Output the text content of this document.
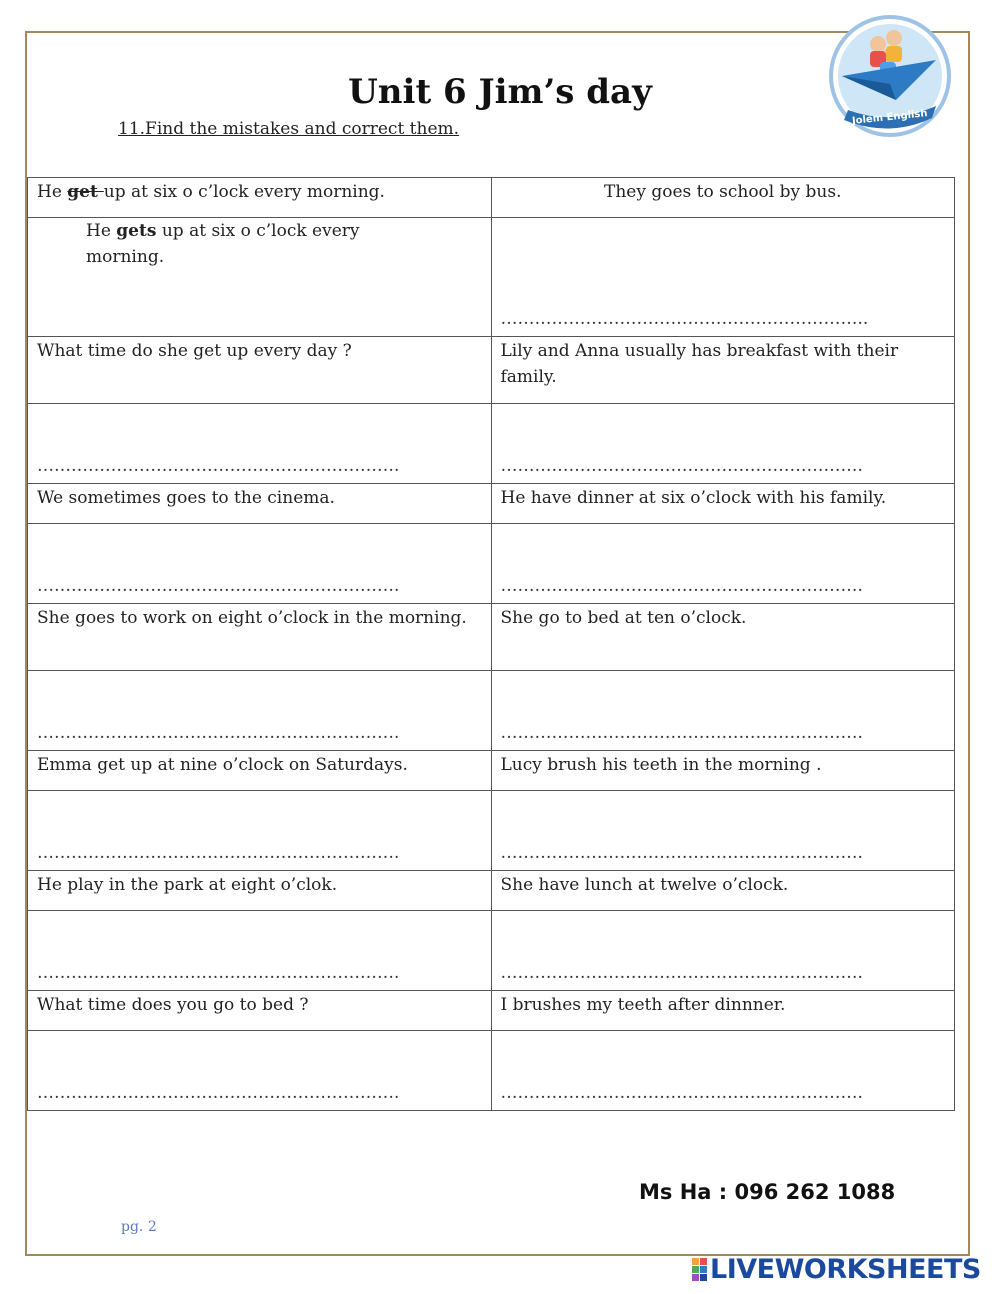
Unit 6 Jim’s day
11.Find the mistakes and correct them.
Jolem English
He get up at six o c’lock every morning.	They goes to school by bus.

He gets up at six o c’lock every morning.	………………………………………………………..

What time do she get up every day ?	Lily and Anna usually has breakfast with their family.

……………………………………………………….	……………………………………………………….

We sometimes goes to the cinema.	He have dinner at six o’clock with his family.

……………………………………………………….	……………………………………………………….

She goes to work on eight o’clock in the morning.	She go to bed at ten o’clock.

……………………………………………………….	……………………………………………………….

Emma get up at nine o’clock on Saturdays.	Lucy brush his teeth in the morning .

……………………………………………………….	……………………………………………………….

He play in the park at eight o’clok.	She have lunch at twelve o’clock.

……………………………………………………….	……………………………………………………….

What time does you go to bed ?	I brushes my teeth after dinnner.

……………………………………………………….	……………………………………………………….
Ms Ha : 096 262 1088
pg. 2
LIVEWORKSHEETS
